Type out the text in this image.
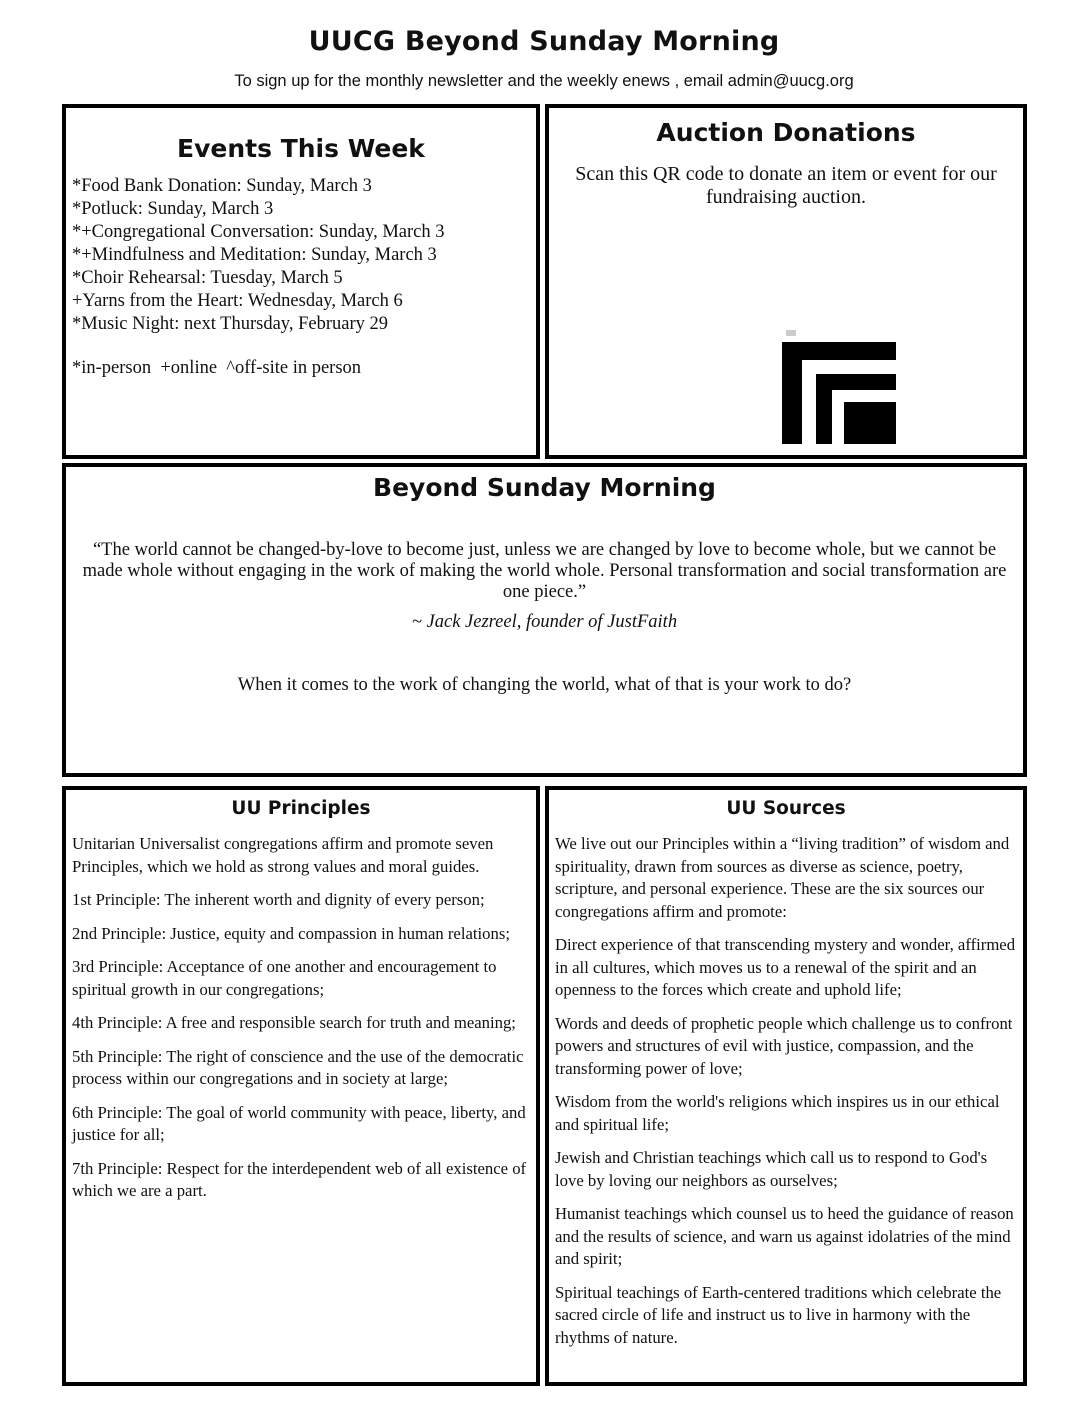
UUCG Beyond Sunday Morning
To sign up for the monthly newsletter and the weekly enews , email admin@uucg.org
Events This Week
*Food Bank Donation: Sunday, March 3
*Potluck: Sunday, March 3
*+Congregational Conversation: Sunday, March 3
*+Mindfulness and Meditation: Sunday, March 3
*Choir Rehearsal: Tuesday, March 5
+Yarns from the Heart: Wednesday, March 6
*Music Night: next Thursday, February 29
*in-person  +online  ^off-site in person
Auction Donations
Scan this QR code to donate an item or event for our fundraising auction.
Beyond Sunday Morning
“The world cannot be changed-by-love to become just, unless we are changed by love to become whole, but we cannot be made whole without engaging in the work of making the world whole. Personal transformation and social transformation are one piece.”
~ Jack Jezreel, founder of JustFaith
When it comes to the work of changing the world, what of that is your work to do?
UU Principles

Unitarian Universalist congregations affirm and promote seven Principles, which we hold as strong values and moral guides.

1st Principle: The inherent worth and dignity of every person;

2nd Principle: Justice, equity and compassion in human relations;

3rd Principle: Acceptance of one another and encouragement to spiritual growth in our congregations;

4th Principle: A free and responsible search for truth and meaning;

5th Principle: The right of conscience and the use of the democratic process within our congregations and in society at large;

6th Principle: The goal of world community with peace, liberty, and justice for all;

7th Principle: Respect for the interdependent web of all existence of which we are a part.

UU Sources

We live out our Principles within a “living tradition” of wisdom and spirituality, drawn from sources as diverse as science, poetry, scripture, and personal experience. These are the six sources our congregations affirm and promote:

Direct experience of that transcending mystery and wonder, affirmed in all cultures, which moves us to a renewal of the spirit and an openness to the forces which create and uphold life;

Words and deeds of prophetic people which challenge us to confront powers and structures of evil with justice, compassion, and the transforming power of love;

Wisdom from the world's religions which inspires us in our ethical and spiritual life;

Jewish and Christian teachings which call us to respond to God's love by loving our neighbors as ourselves;

Humanist teachings which counsel us to heed the guidance of reason and the results of science, and warn us against idolatries of the mind and spirit;

Spiritual teachings of Earth-centered traditions which celebrate the sacred circle of life and instruct us to live in harmony with the rhythms of nature.
